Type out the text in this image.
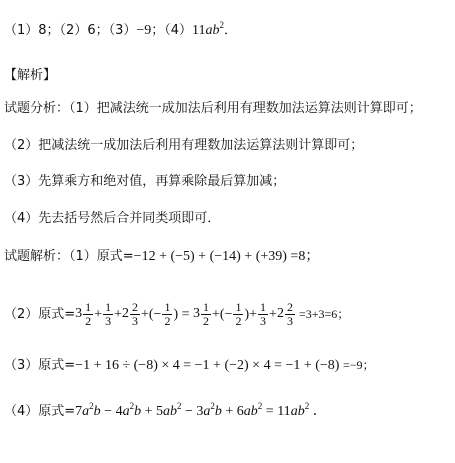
（1）8；（2）6；（3）−9；$(4)11ab^2$．
【解析】
试题分析：（1）把减法统一成加法后利用有理数加法运算法则计算即可；
（2）把减法统一成加法后利用有理数加法运算法则计算即可；
（3）先算乘方和绝对值，再算乘除最后算加减；
（4）先去括号然后合并同类项即可．
试题解析：（1）原式=−12 + (−5) + (−14) + (+39) =8；
（2）原式$=3 \frac{1}{2} + \frac{1}{3} +2 \frac{2}{3}$ +(− $\frac{1}{2}$ ) = $3 \frac{1}{2}$ +(− $\frac{1}{2}$ )+ $\frac{1}{3} +2 \frac{2}{3} =3+3=6$；
（3）原式=−1 + 16 ÷ (−8) × 4 = −1 + (−2) × 4 = −1 + (−8) =−9；
（4）原式$=7a^2b - 4a^2b + 5ab^2 - 3a^2b + 6ab^2 = 11ab^2$ ．
